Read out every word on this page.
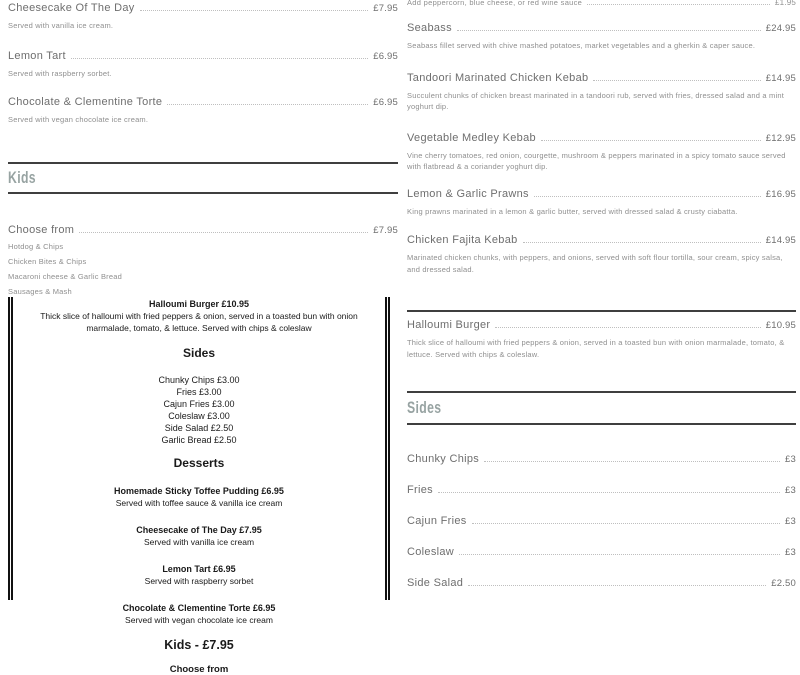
Cheesecake Of The Day	£7.95
Served with vanilla ice cream.
Lemon Tart	£6.95
Served with raspberry sorbet.
Chocolate & Clementine Torte	£6.95
Served with vegan chocolate ice cream.
Kids
Choose from	£7.95
Hotdog & Chips
Chicken Bites & Chips
Macaroni cheese & Garlic Bread
Sausages & Mash
Halloumi Burger £10.95
Thick slice of halloumi with fried peppers & onion, served in a toasted bun with onion marmalade, tomato, & lettuce. Served with chips & coleslaw
Sides
Chunky Chips £3.00
Fries £3.00
Cajun Fries £3.00
Coleslaw £3.00
Side Salad £2.50
Garlic Bread £2.50
Desserts
Homemade Sticky Toffee Pudding £6.95
Served with toffee sauce & vanilla ice cream
Cheesecake of The Day £7.95
Served with vanilla ice cream
Lemon Tart £6.95
Served with raspberry sorbet
Chocolate & Clementine Torte £6.95
Served with vegan chocolate ice cream
Kids - £7.95
Choose from
Add peppercorn, blue cheese, or red wine sauce	£1.95
Seabass	£24.95
Seabass fillet served with chive mashed potatoes, market vegetables and a gherkin & caper sauce.
Tandoori Marinated Chicken Kebab	£14.95
Succulent chunks of chicken breast marinated in a tandoori rub, served with fries, dressed salad and a mint yoghurt dip.
Vegetable Medley Kebab	£12.95
Vine cherry tomatoes, red onion, courgette, mushroom & peppers marinated in a spicy tomato sauce served with flatbread & a coriander yoghurt dip.
Lemon & Garlic Prawns	£16.95
King prawns marinated in a lemon & garlic butter, served with dressed salad & crusty ciabatta.
Chicken Fajita Kebab	£14.95
Marinated chicken chunks, with peppers, and onions, served with soft flour tortilla, sour cream, spicy salsa, and dressed salad.
Halloumi Burger	£10.95
Thick slice of halloumi with fried peppers & onion, served in a toasted bun with onion marmalade, tomato, & lettuce. Served with chips & coleslaw.
Sides
Chunky Chips	£3
Fries	£3
Cajun Fries	£3
Coleslaw	£3
Side Salad	£2.50
